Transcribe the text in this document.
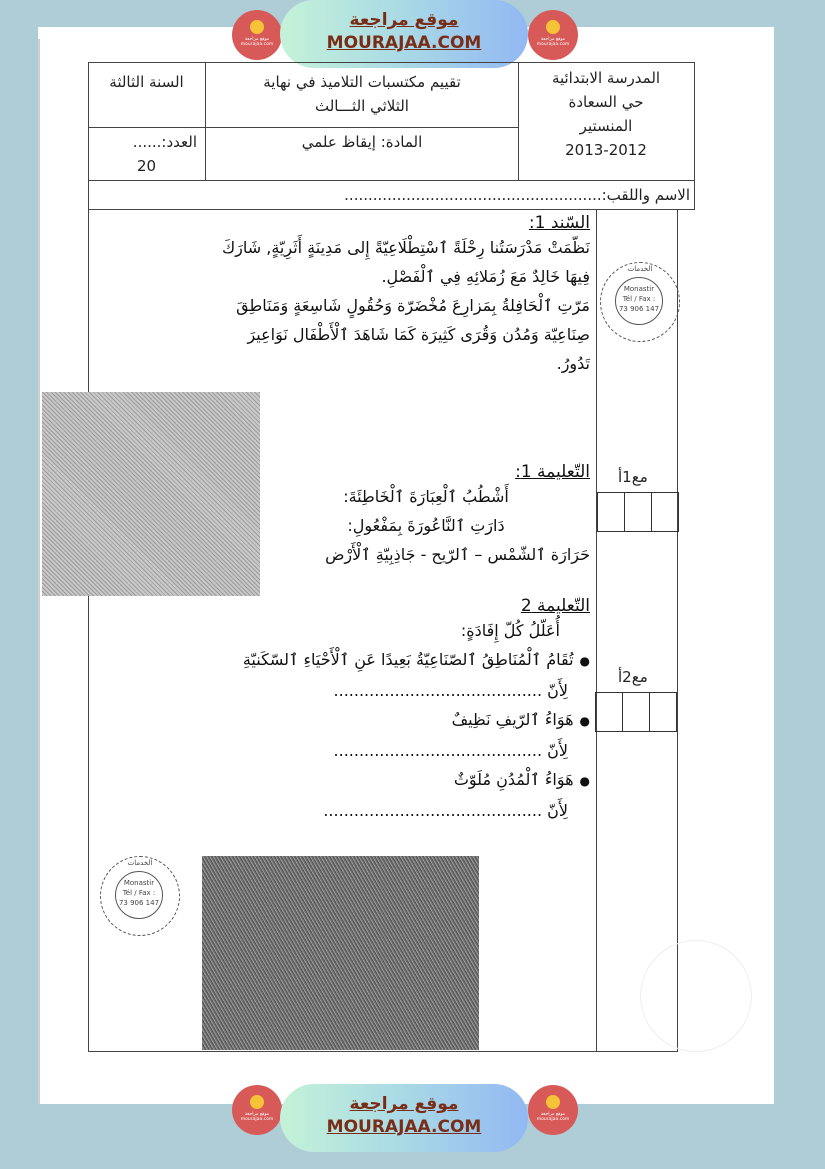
موقع مراجعة mourajaa.com
موقع مراجعة
MOURAJAA.COM	موقع مراجعة mourajaa.com
المدرسة الابتدائية
حي السعادة
المنستير
2013-2012
تقييم مكتسبات التلاميذ في نهاية
الثلاثي الثـــالث
المادة: إيقاظ علمي
السنة الثالثة
العدد:......
20
الاسم واللقب:......................................................
الخدمات
Monastir
Tél / Fax :
73 906 147
السّند 1:
نَظّمَتْ مَدْرَسَتُنا رِحْلَةً ٱسْتِطْلَاعِيّةً إِلى مَدِينَةٍ أَثَرِيّةٍ, شَارَكَ
فِيهَا خَالِدٌ مَعَ زُمَلائِهِ فِي ٱلْفَصْلِ.
مَرّتِ ٱلْحَافِلةُ بِمَزارِعَ مُخْضَرّة وَحُقُولٍ شَاسِعَةٍ وَمَنَاطِقَ
صِنَاعِيّة وَمُدُن وَقُرَى كَثِيرَة كَمَا شَاهَدَ ٱلْأَطْفَال نَوَاعِيرَ
تَدُورُ.
التّعليمة 1:
أَشْطُبُ ٱلْعِبَارَةَ ٱلْخَاطِئَةَ:
دَارَتِ ٱلنَّاعُورَةَ بِمَفْعُولِ:
حَرَارَة ٱلشّمْس – ٱلرّيح - جَاذِبِيّةِ ٱلْأَرْض
مع1أ
التّعليمة 2
أُعَلّلُ كُلّ إِفَادَةٍ:
●تُقَامُ ٱلْمُنَاطِقُ ٱلصّنَاعِيّةُ بَعِيدًا عَنِ ٱلْأَحْيَاءِ ٱلسّكَنيّةِ
لِأَنّ .........................................
●هَوَاءُ ٱلرّيفِ نَظِيفٌ
لِأَنّ .........................................
●هَوَاءُ ٱلْمُدُنِ مُلَوّثٌ
لِأَنّ ...........................................
مع2أ
الخدمات
Monastir
Tél / Fax :
73 906 147
موقع مراجعة mourajaa.com
موقع مراجعة
MOURAJAA.COM
موقع مراجعة mourajaa.com
